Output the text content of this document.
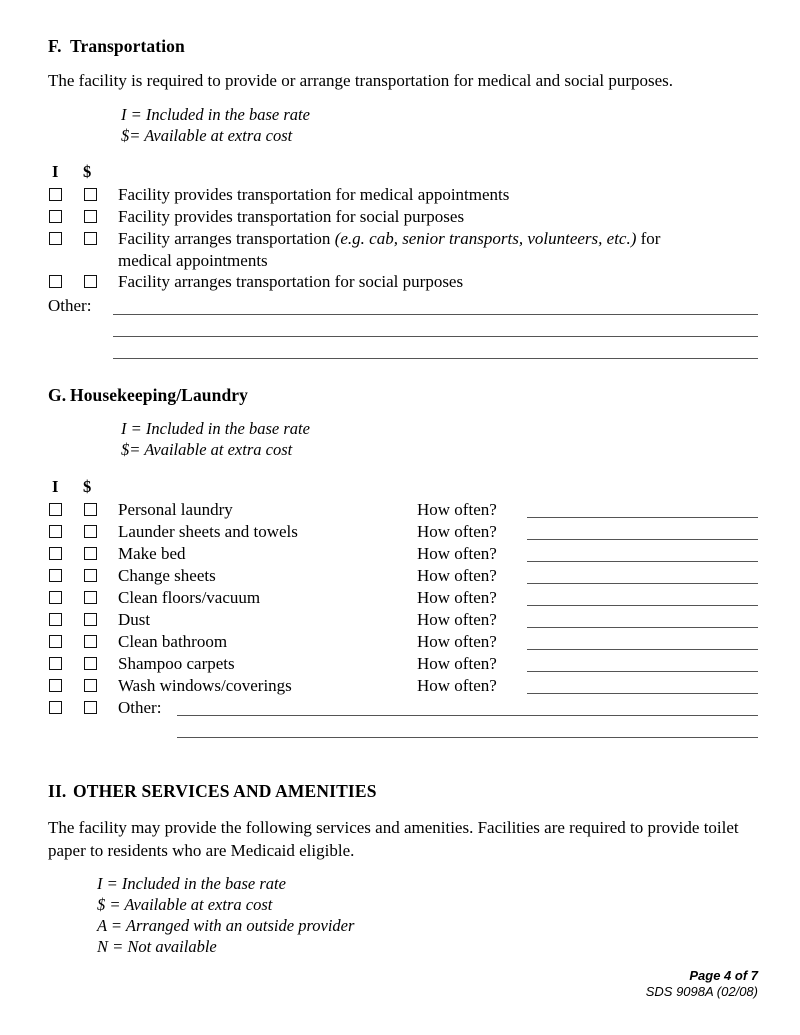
F. Transportation

The facility is required to provide or arrange transportation for medical and social purposes.

I = Included in the base rate
$= Available at extra cost
I $
Facility provides transportation for medical appointments
Facility provides transportation for social purposes
Facility arranges transportation (e.g. cab, senior transports, volunteers, etc.) for
medical appointments
Facility arranges transportation for social purposes
Other:
G. Housekeeping/Laundry
I = Included in the base rate
$= Available at extra cost
I $
Personal laundry	How often?
Launder sheets and towels	How often?
Make bed	How often?
Change sheets	How often?
Clean floors/vacuum	How often?
Dust	How often?
Clean bathroom	How often?
Shampoo carpets	How often?
Wash windows/coverings	How often?
Other:
II. OTHER SERVICES AND AMENITIES

The facility may provide the following services and amenities. Facilities are required to provide toilet paper to residents who are Medicaid eligible.

I = Included in the base rate
$ = Available at extra cost
A = Arranged with an outside provider
N = Not available
Page 4 of 7
SDS 9098A (02/08)
